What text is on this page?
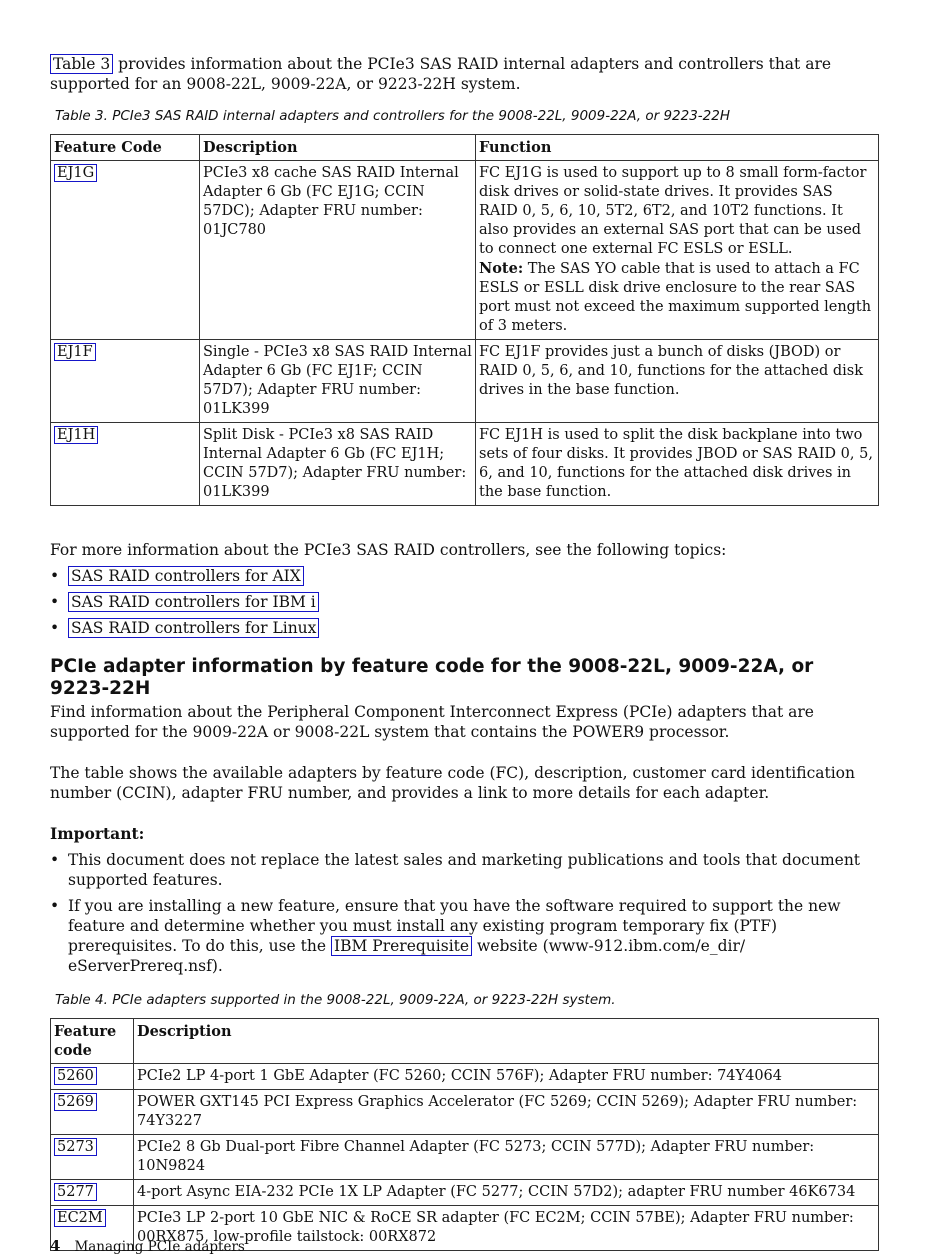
Table 3 provides information about the PCIe3 SAS RAID internal adapters and controllers that are supported for an 9008-22L, 9009-22A, or 9223-22H system.

Table 3. PCIe3 SAS RAID internal adapters and controllers for the 9008-22L, 9009-22A, or 9223-22H
Feature Code	Description	Function
EJ1G	PCIe3 x8 cache SAS RAID Internal Adapter 6 Gb (FC EJ1G; CCIN 57DC); Adapter FRU number: 01JC780	FC EJ1G is used to support up to 8 small form-factor disk drives or solid-state drives. It provides SAS RAID 0, 5, 6, 10, 5T2, 6T2, and 10T2 functions. It also provides an external SAS port that can be used to connect one external FC ESLS or ESLL.
Note: The SAS YO cable that is used to attach a FC ESLS or ESLL disk drive enclosure to the rear SAS port must not exceed the maximum supported length of 3 meters.
EJ1F	Single - PCIe3 x8 SAS RAID Internal Adapter 6 Gb (FC EJ1F; CCIN 57D7); Adapter FRU number: 01LK399	FC EJ1F provides just a bunch of disks (JBOD) or RAID 0, 5, 6, and 10, functions for the attached disk drives in the base function.
EJ1H	Split Disk - PCIe3 x8 SAS RAID Internal Adapter 6 Gb (FC EJ1H; CCIN 57D7); Adapter FRU number: 01LK399	FC EJ1H is used to split the disk backplane into two sets of four disks. It provides JBOD or SAS RAID 0, 5, 6, and 10, functions for the attached disk drives in the base function.

For more information about the PCIe3 SAS RAID controllers, see the following topics:

• SAS RAID controllers for AIX
• SAS RAID controllers for IBM i
• SAS RAID controllers for Linux
PCIe adapter information by feature code for the 9008-22L, 9009-22A, or 9223-22H

Find information about the Peripheral Component Interconnect Express (PCIe) adapters that are supported for the 9009-22A or 9008-22L system that contains the POWER9 processor.

The table shows the available adapters by feature code (FC), description, customer card identification number (CCIN), adapter FRU number, and provides a link to more details for each adapter.

Important:

• This document does not replace the latest sales and marketing publications and tools that document supported features.
• If you are installing a new feature, ensure that you have the software required to support the new feature and determine whether you must install any existing program temporary fix (PTF) prerequisites. To do this, use the IBM Prerequisite website (www-912.ibm.com/e_dir/ eServerPrereq.nsf).
Table 4. PCIe adapters supported in the 9008-22L, 9009-22A, or 9223-22H system.
Feature code	Description
5260	PCIe2 LP 4-port 1 GbE Adapter (FC 5260; CCIN 576F); Adapter FRU number: 74Y4064
5269	POWER GXT145 PCI Express Graphics Accelerator (FC 5269; CCIN 5269); Adapter FRU number: 74Y3227
5273	PCIe2 8 Gb Dual-port Fibre Channel Adapter (FC 5273; CCIN 577D); Adapter FRU number: 10N9824
5277	4-port Async EIA-232 PCIe 1X LP Adapter (FC 5277; CCIN 57D2); adapter FRU number 46K6734
EC2M	PCIe3 LP 2-port 10 GbE NIC & RoCE SR adapter (FC EC2M; CCIN 57BE); Adapter FRU number: 00RX875, low-profile tailstock: 00RX872
4 Managing PCIe adapters
